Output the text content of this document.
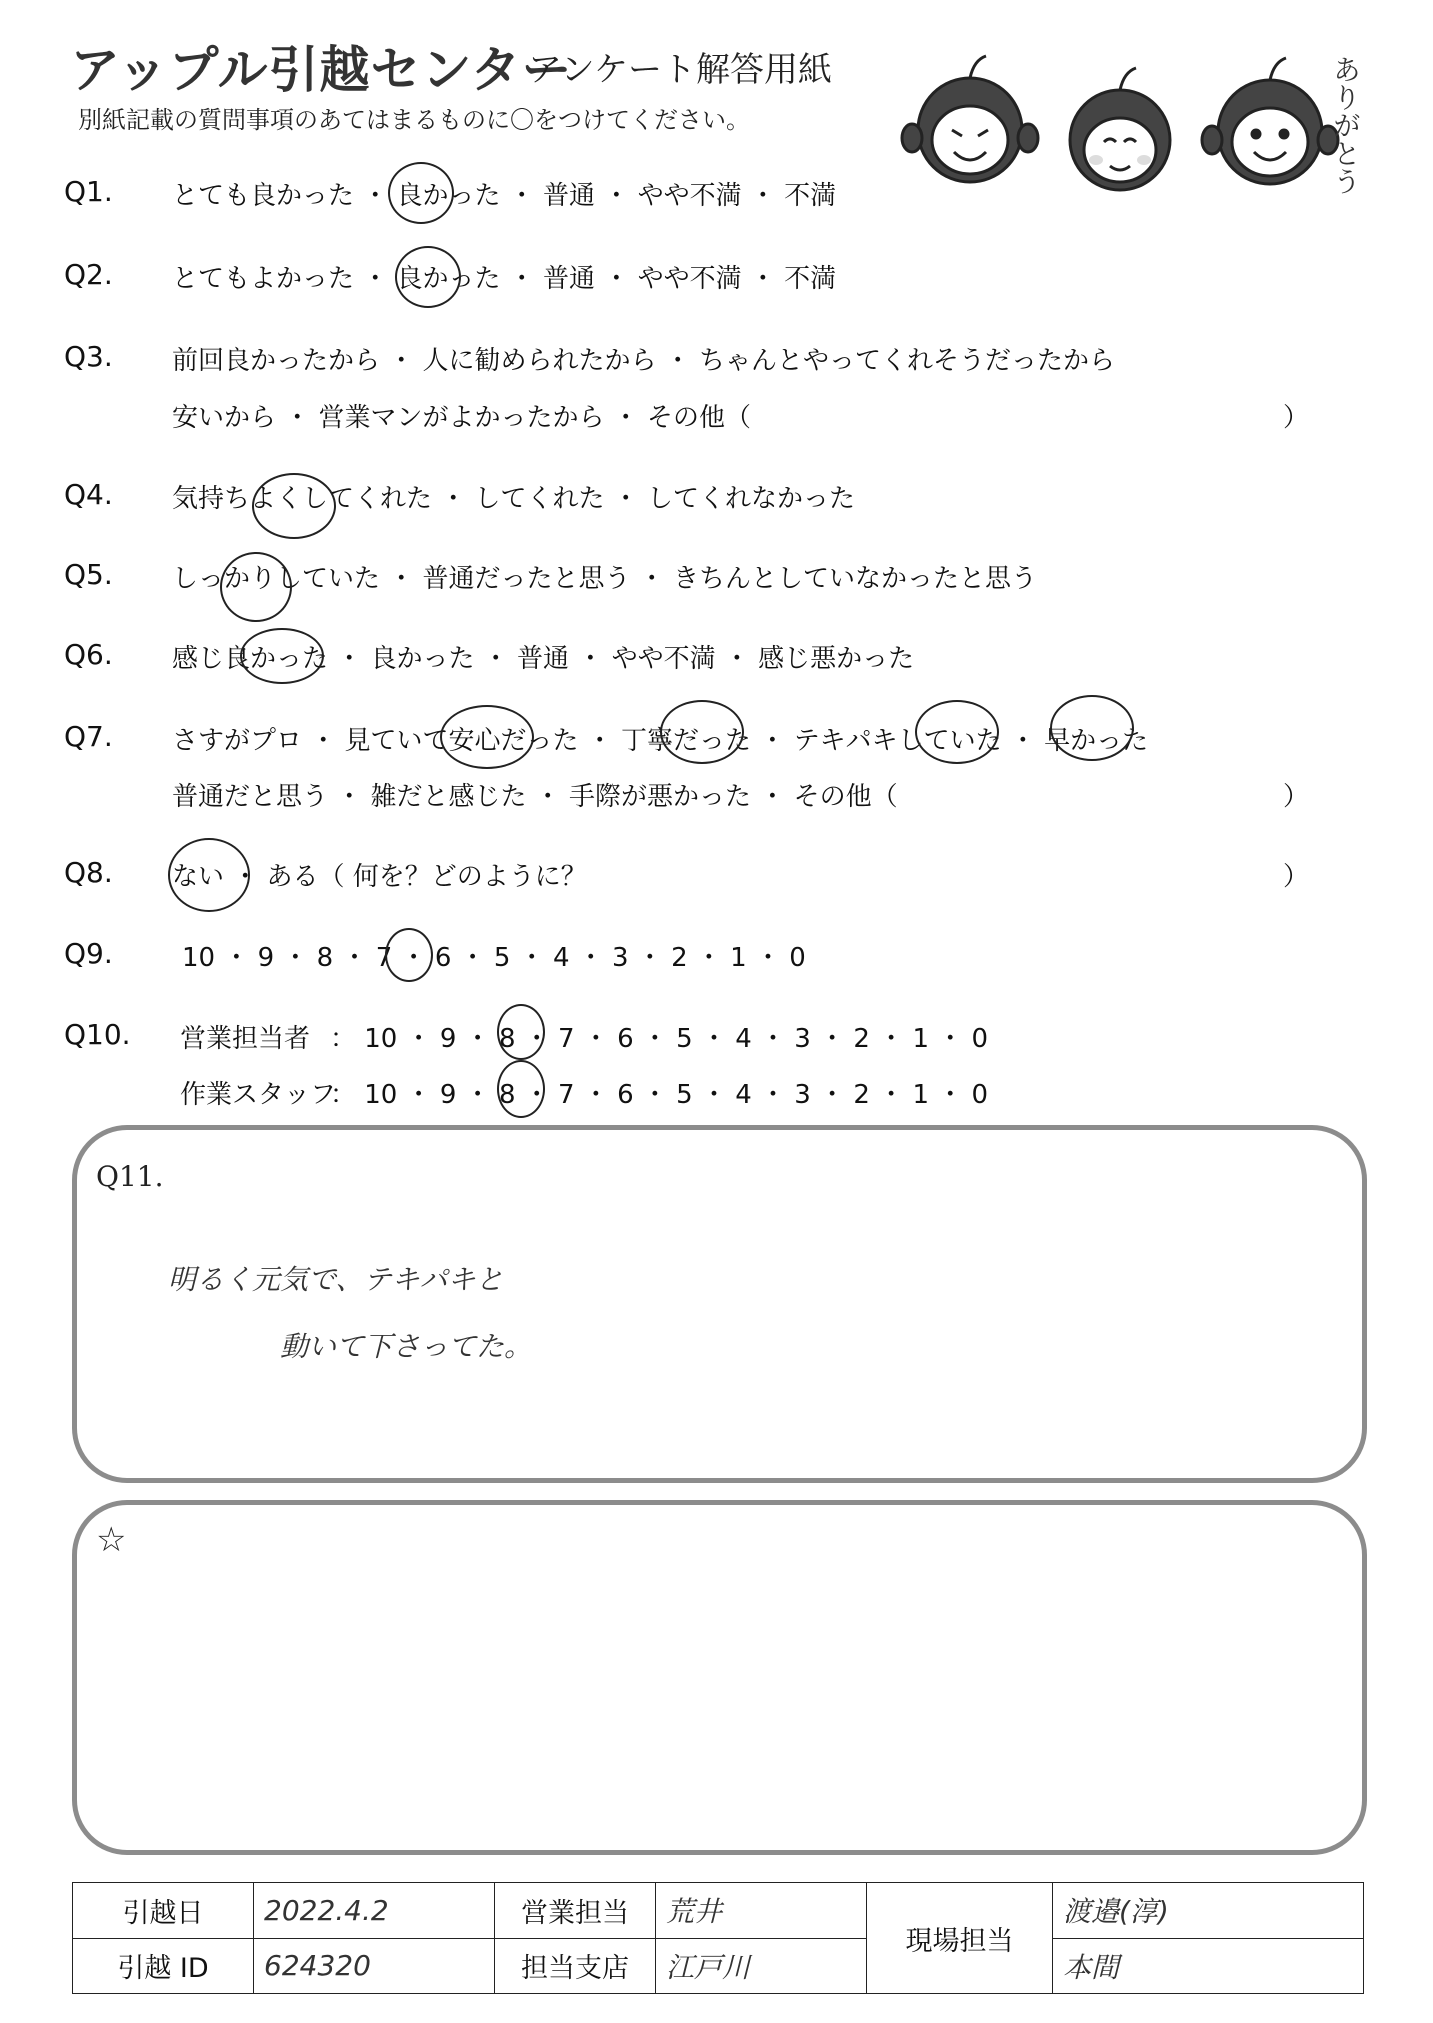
アップル引越センター
アンケート解答用紙
別紙記載の質問事項のあてはまるものに〇をつけてください。	ありがとう
Q1. とても良かった ・ 良かった ・ 普通 ・ やや不満 ・ 不満
Q2. とてもよかった ・ 良かった ・ 普通 ・ やや不満 ・ 不満
Q3. 前回良かったから ・ 人に勧められたから ・ ちゃんとやってくれそうだったから
安いから ・ 営業マンがよかったから ・ その他（	）
Q4. 気持ちよくしてくれた ・ してくれた ・ してくれなかった
Q5. しっかりしていた ・ 普通だったと思う ・ きちんとしていなかったと思う
Q6. 感じ良かった ・ 良かった ・ 普通 ・ やや不満 ・ 感じ悪かった
Q7. さすがプロ ・ 見ていて安心だった ・ 丁寧だった ・ テキパキしていた ・ 早かった
普通だと思う ・ 雑だと感じた ・ 手際が悪かった ・ その他（	）
Q8. ない ・ ある（ 何を？どのように？	）
Q9.	10 ・ 9 ・ 8 ・ 7 ・ 6 ・ 5 ・ 4 ・ 3 ・ 2 ・ 1 ・ 0
Q10. 営業担当者 ： 10 ・ 9 ・ 8 ・ 7 ・ 6 ・ 5 ・ 4 ・ 3 ・ 2 ・ 1 ・ 0
作業スタッフ
： 10 ・ 9 ・ 8 ・ 7 ・ 6 ・ 5 ・ 4 ・ 3 ・ 2 ・ 1 ・ 0
Q11.
明るく元気で、テキパキと
動いて下さってた。
☆
引越日	2022.4.2	営業担当	荒井	現場担当	渡邉(淳)
引越 ID	624320	担当支店	江戸川		本間
